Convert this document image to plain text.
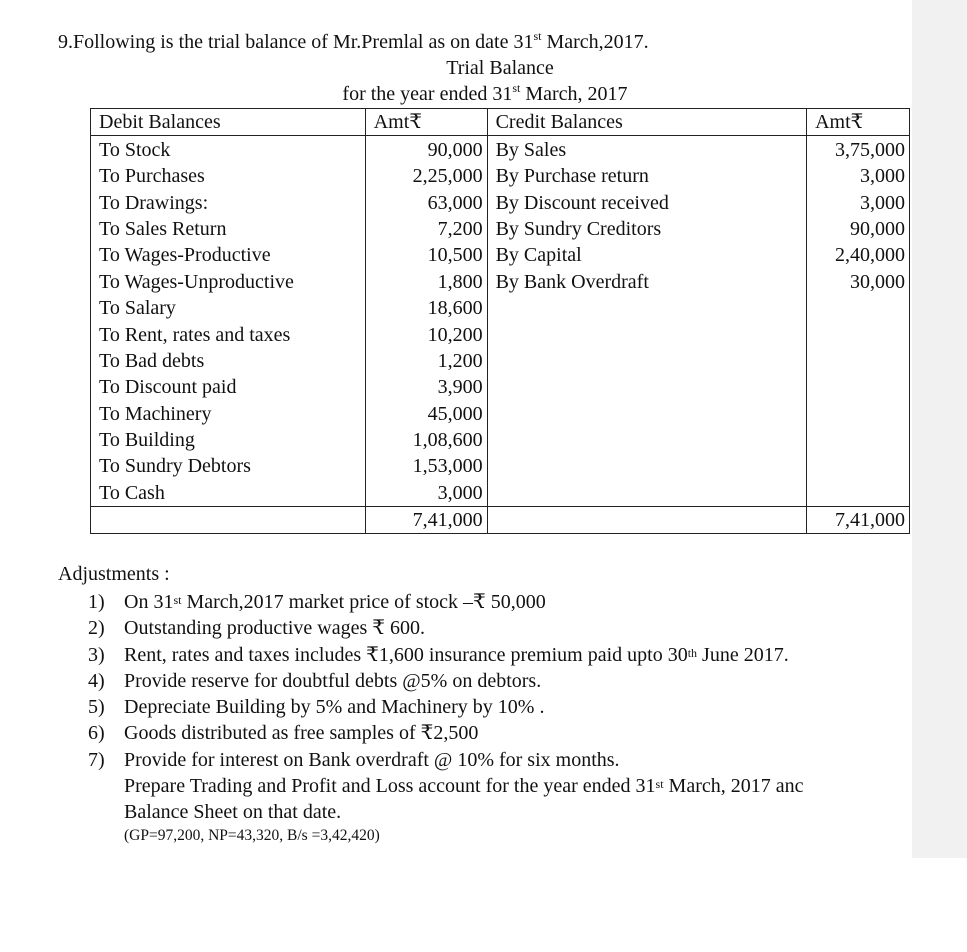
9.Following is the trial balance of Mr.Premlal as on date 31st March,2017.
Trial Balance
for the year ended 31st March, 2017
Debit Balances	Amt₹	Credit Balances	Amt₹
To Stock	90,000	By Sales	3,75,000
To Purchases	2,25,000	By Purchase return	3,000
To Drawings:	63,000	By Discount received	3,000
To Sales Return	7,200	By Sundry Creditors	90,000
To Wages-Productive	10,500	By Capital	2,40,000
To Wages-Unproductive	1,800	By Bank Overdraft	30,000
To Salary	18,600		
To Rent, rates and taxes	10,200		
To Bad debts	1,200		
To Discount paid	3,900		
To Machinery	45,000		
To Building	1,08,600		
To Sundry Debtors	1,53,000		
To Cash	3,000		
	7,41,000		7,41,000
Adjustments :
1) On 31st March,2017 market price of stock –₹ 50,000
2) Outstanding productive wages ₹ 600.
3) Rent, rates and taxes includes ₹1,600 insurance premium paid upto 30th June 2017.
4) Provide reserve for doubtful debts @5% on debtors.
5) Depreciate Building by 5% and Machinery by 10% .
6) Goods distributed as free samples of ₹2,500
7) Provide for interest on Bank overdraft @ 10% for six months.
Prepare Trading and Profit and Loss account for the year ended 31st March, 2017 anc
Balance Sheet on that date.
(GP=97,200, NP=43,320, B/s =3,42,420)
